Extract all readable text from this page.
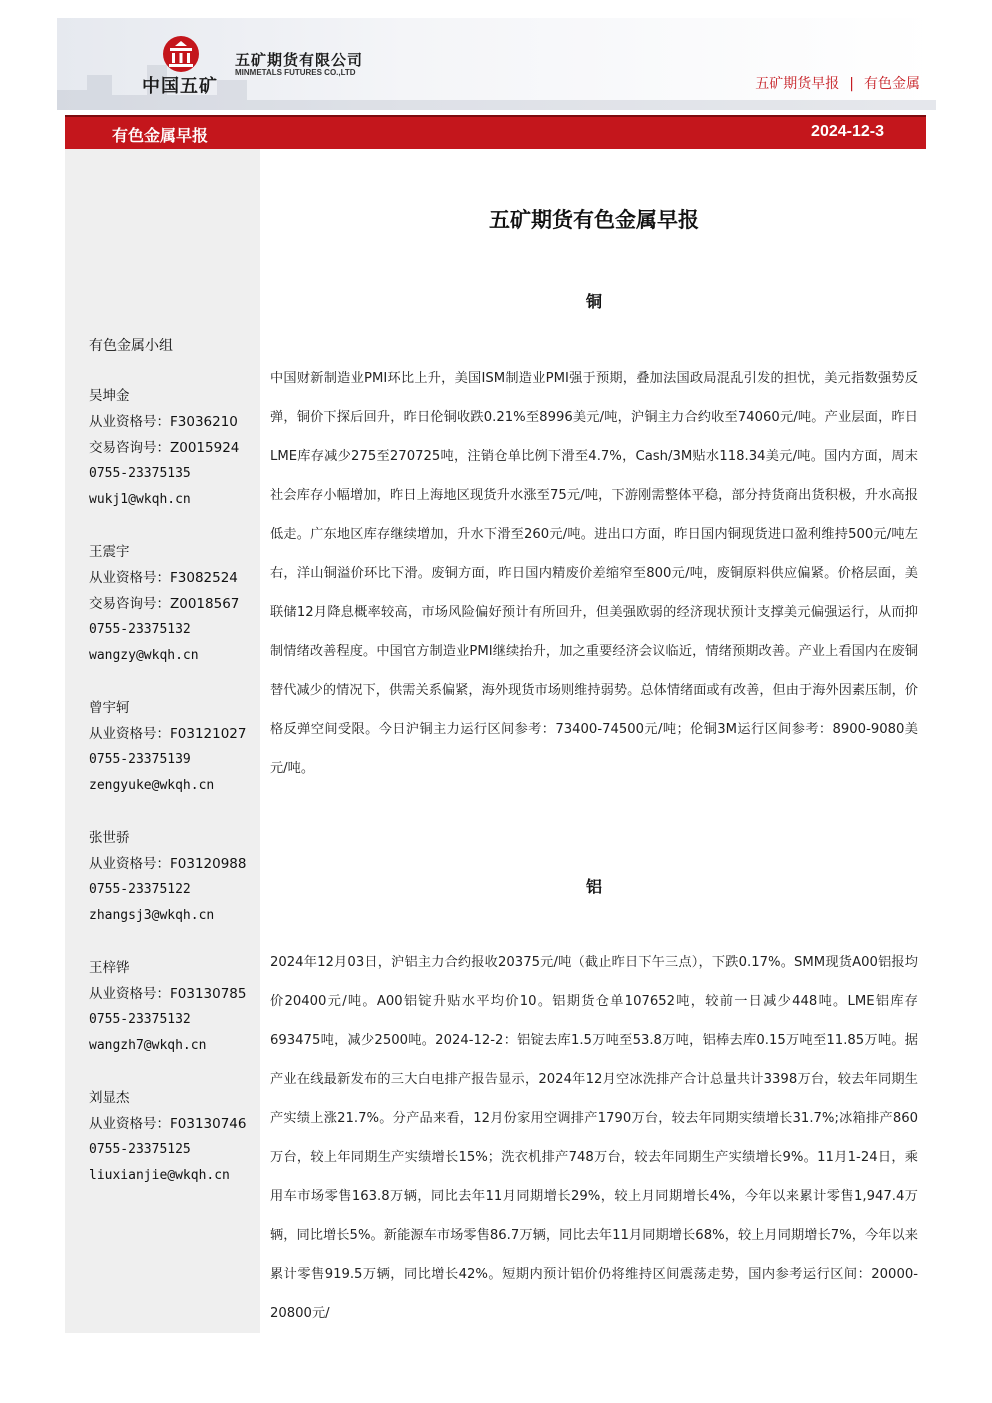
中国五矿
五矿期货有限公司
MINMETALS FUTURES CO.,LTD
五矿期货早报 | 有色金属
有色金属早报	2024-12-3
有色金属小组
吴坤金
从业资格号：F3036210
交易咨询号：Z0015924
0755-23375135
wukj1@wkqh.cn
王震宇
从业资格号：F3082524
交易咨询号：Z0018567
0755-23375132
wangzy@wkqh.cn
曾宇轲
从业资格号：F03121027
0755-23375139
zengyuke@wkqh.cn
张世骄
从业资格号：F03120988
0755-23375122
zhangsj3@wkqh.cn
王梓铧
从业资格号：F03130785
0755-23375132
wangzh7@wkqh.cn
刘显杰
从业资格号：F03130746
0755-23375125
liuxianjie@wkqh.cn
五矿期货有色金属早报
铜

中国财新制造业PMI环比上升，美国ISM制造业PMI强于预期，叠加法国政局混乱引发的担忧，美元指数强势反弹，铜价下探后回升，昨日伦铜收跌0.21%至8996美元/吨，沪铜主力合约收至74060元/吨。产业层面，昨日LME库存减少275至270725吨，注销仓单比例下滑至4.7%，Cash/3M贴水118.34美元/吨。国内方面，周末社会库存小幅增加，昨日上海地区现货升水涨至75元/吨，下游刚需整体平稳，部分持货商出货积极，升水高报低走。广东地区库存继续增加，升水下滑至260元/吨。进出口方面，昨日国内铜现货进口盈利维持500元/吨左右，洋山铜溢价环比下滑。废铜方面，昨日国内精废价差缩窄至800元/吨，废铜原料供应偏紧。价格层面，美联储12月降息概率较高，市场风险偏好预计有所回升，但美强欧弱的经济现状预计支撑美元偏强运行，从而抑制情绪改善程度。中国官方制造业PMI继续抬升，加之重要经济会议临近，情绪预期改善。产业上看国内在废铜替代减少的情况下，供需关系偏紧，海外现货市场则维持弱势。总体情绪面或有改善，但由于海外因素压制，价格反弹空间受限。今日沪铜主力运行区间参考：73400-74500元/吨；伦铜3M运行区间参考：8900-9080美元/吨。

铝

2024年12月03日，沪铝主力合约报收20375元/吨（截止昨日下午三点），下跌0.17%。SMM现货A00铝报均价20400元/吨。A00铝锭升贴水平均价10。铝期货仓单107652吨，较前一日减少448吨。LME铝库存693475吨，减少2500吨。2024-12-2：铝锭去库1.5万吨至53.8万吨，铝棒去库0.15万吨至11.85万吨。据产业在线最新发布的三大白电排产报告显示，2024年12月空冰洗排产合计总量共计3398万台，较去年同期生产实绩上涨21.7%。分产品来看，12月份家用空调排产1790万台，较去年同期实绩增长31.7%;冰箱排产860万台，较上年同期生产实绩增长15%；洗衣机排产748万台，较去年同期生产实绩增长9%。11月1-24日，乘用车市场零售163.8万辆，同比去年11月同期增长29%，较上月同期增长4%，今年以来累计零售1,947.4万辆，同比增长5%。新能源车市场零售86.7万辆，同比去年11月同期增长68%，较上月同期增长7%，今年以来累计零售919.5万辆，同比增长42%。短期内预计铝价仍将维持区间震荡走势，国内参考运行区间：20000-20800元/
